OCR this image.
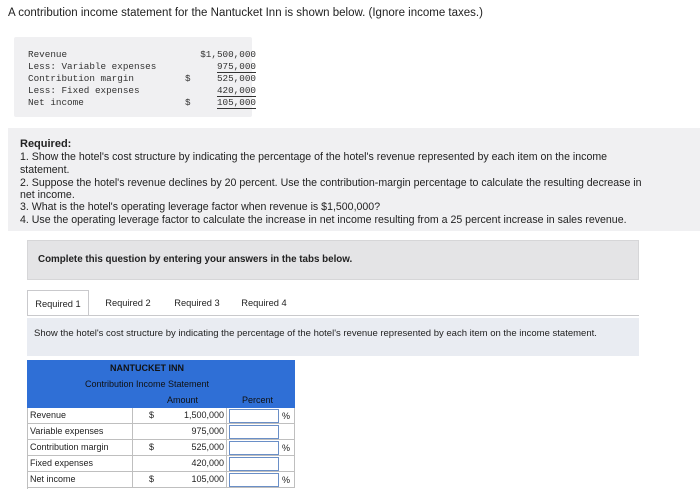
A contribution income statement for the Nantucket Inn is shown below. (Ignore income taxes.)
Revenue	$1,500,000
Less: Variable expenses	975,000
Contribution margin	$	525,000
Less: Fixed expenses	420,000
Net income	$	105,000
Required:
1. Show the hotel's cost structure by indicating the percentage of the hotel's revenue represented by each item on the income
statement.
2. Suppose the hotel's revenue declines by 20 percent. Use the contribution-margin percentage to calculate the resulting decrease in
net income.
3. What is the hotel's operating leverage factor when revenue is $1,500,000?
4. Use the operating leverage factor to calculate the increase in net income resulting from a 25 percent increase in sales revenue.
Complete this question by entering your answers in the tabs below.
Required 1	Required 2	Required 3	Required 4
Show the hotel's cost structure by indicating the percentage of the hotel's revenue represented by each item on the income statement.
NANTUCKET INN
Contribution Income Statement
Amount	Percent
Revenue	$	1,500,000	%
Variable expenses	975,000
Contribution margin	$	525,000	%
Fixed expenses	420,000
Net income	$	105,000	%
